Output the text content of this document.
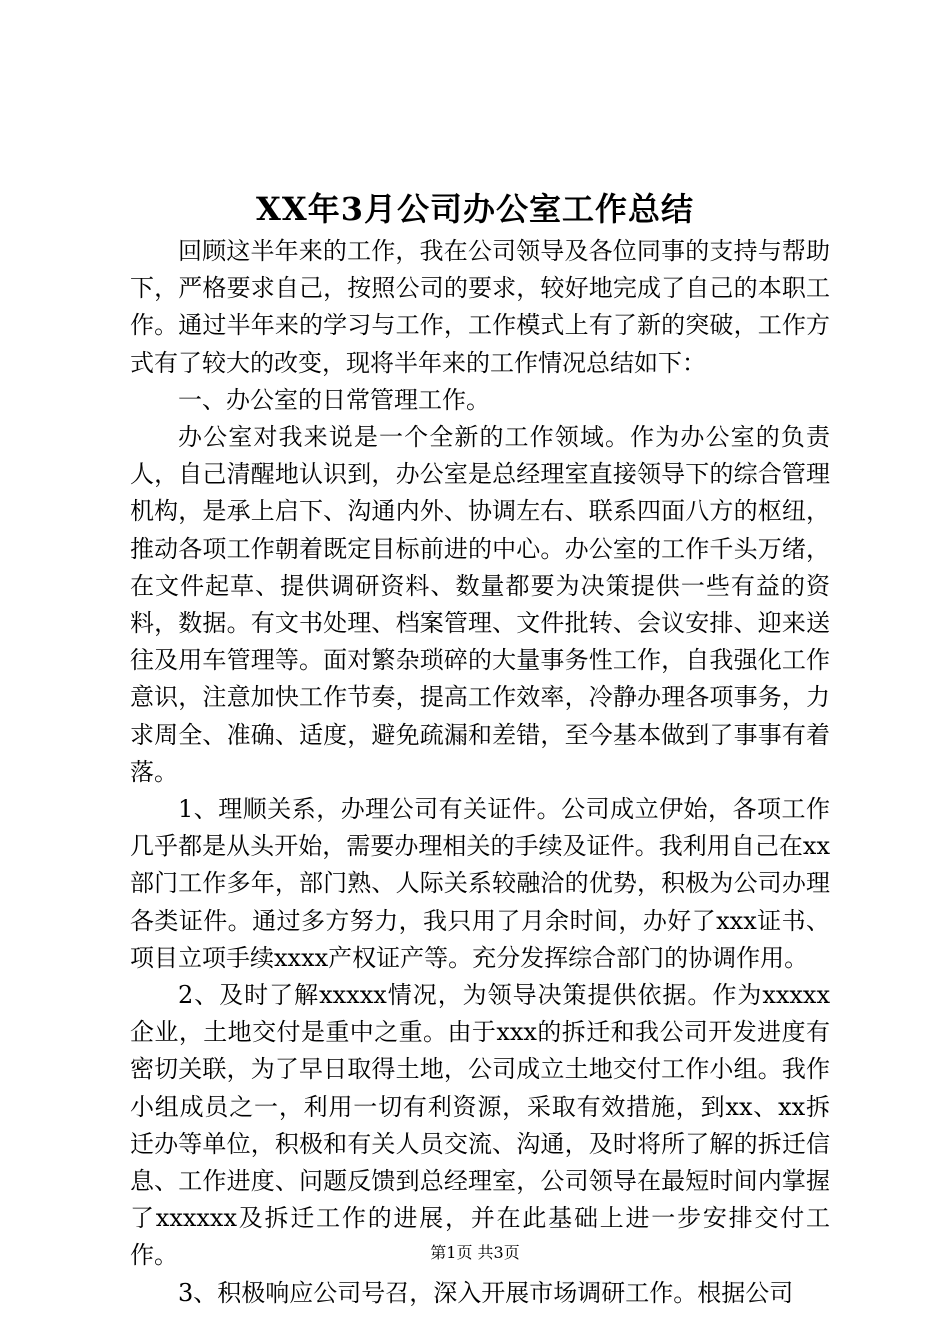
XX年3月公司办公室工作总结

回顾这半年来的工作，我在公司领导及各位同事的支持与帮助下，严格要求自己，按照公司的要求，较好地完成了自己的本职工作。通过半年来的学习与工作，工作模式上有了新的突破，工作方式有了较大的改变，现将半年来的工作情况总结如下：

一、办公室的日常管理工作。

办公室对我来说是一个全新的工作领域。作为办公室的负责人，自己清醒地认识到，办公室是总经理室直接领导下的综合管理机构，是承上启下、沟通内外、协调左右、联系四面八方的枢纽，推动各项工作朝着既定目标前进的中心。办公室的工作千头万绪，在文件起草、提供调研资料、数量都要为决策提供一些有益的资料，数据。有文书处理、档案管理、文件批转、会议安排、迎来送往及用车管理等。面对繁杂琐碎的大量事务性工作，自我强化工作意识，注意加快工作节奏，提高工作效率，冷静办理各项事务，力求周全、准确、适度，避免疏漏和差错，至今基本做到了事事有着落。

1、理顺关系，办理公司有关证件。公司成立伊始，各项工作几乎都是从头开始，需要办理相关的手续及证件。我利用自己在xx部门工作多年，部门熟、人际关系较融洽的优势，积极为公司办理各类证件。通过多方努力，我只用了月余时间，办好了xxx证书、项目立项手续xxxx产权证产等。充分发挥综合部门的协调作用。

2、及时了解xxxxx情况，为领导决策提供依据。作为xxxxx企业，土地交付是重中之重。由于xxx的拆迁和我公司开发进度有密切关联，为了早日取得土地，公司成立土地交付工作小组。我作小组成员之一，利用一切有利资源，采取有效措施，到xx、xx拆迁办等单位，积极和有关人员交流、沟通，及时将所了解的拆迁信息、工作进度、问题反馈到总经理室，公司领导在最短时间内掌握了xxxxxx及拆迁工作的进展，并在此基础上进一步安排交付工作。

3、积极响应公司号召，深入开展市场调研工作。根据公司

第1页 共3页
